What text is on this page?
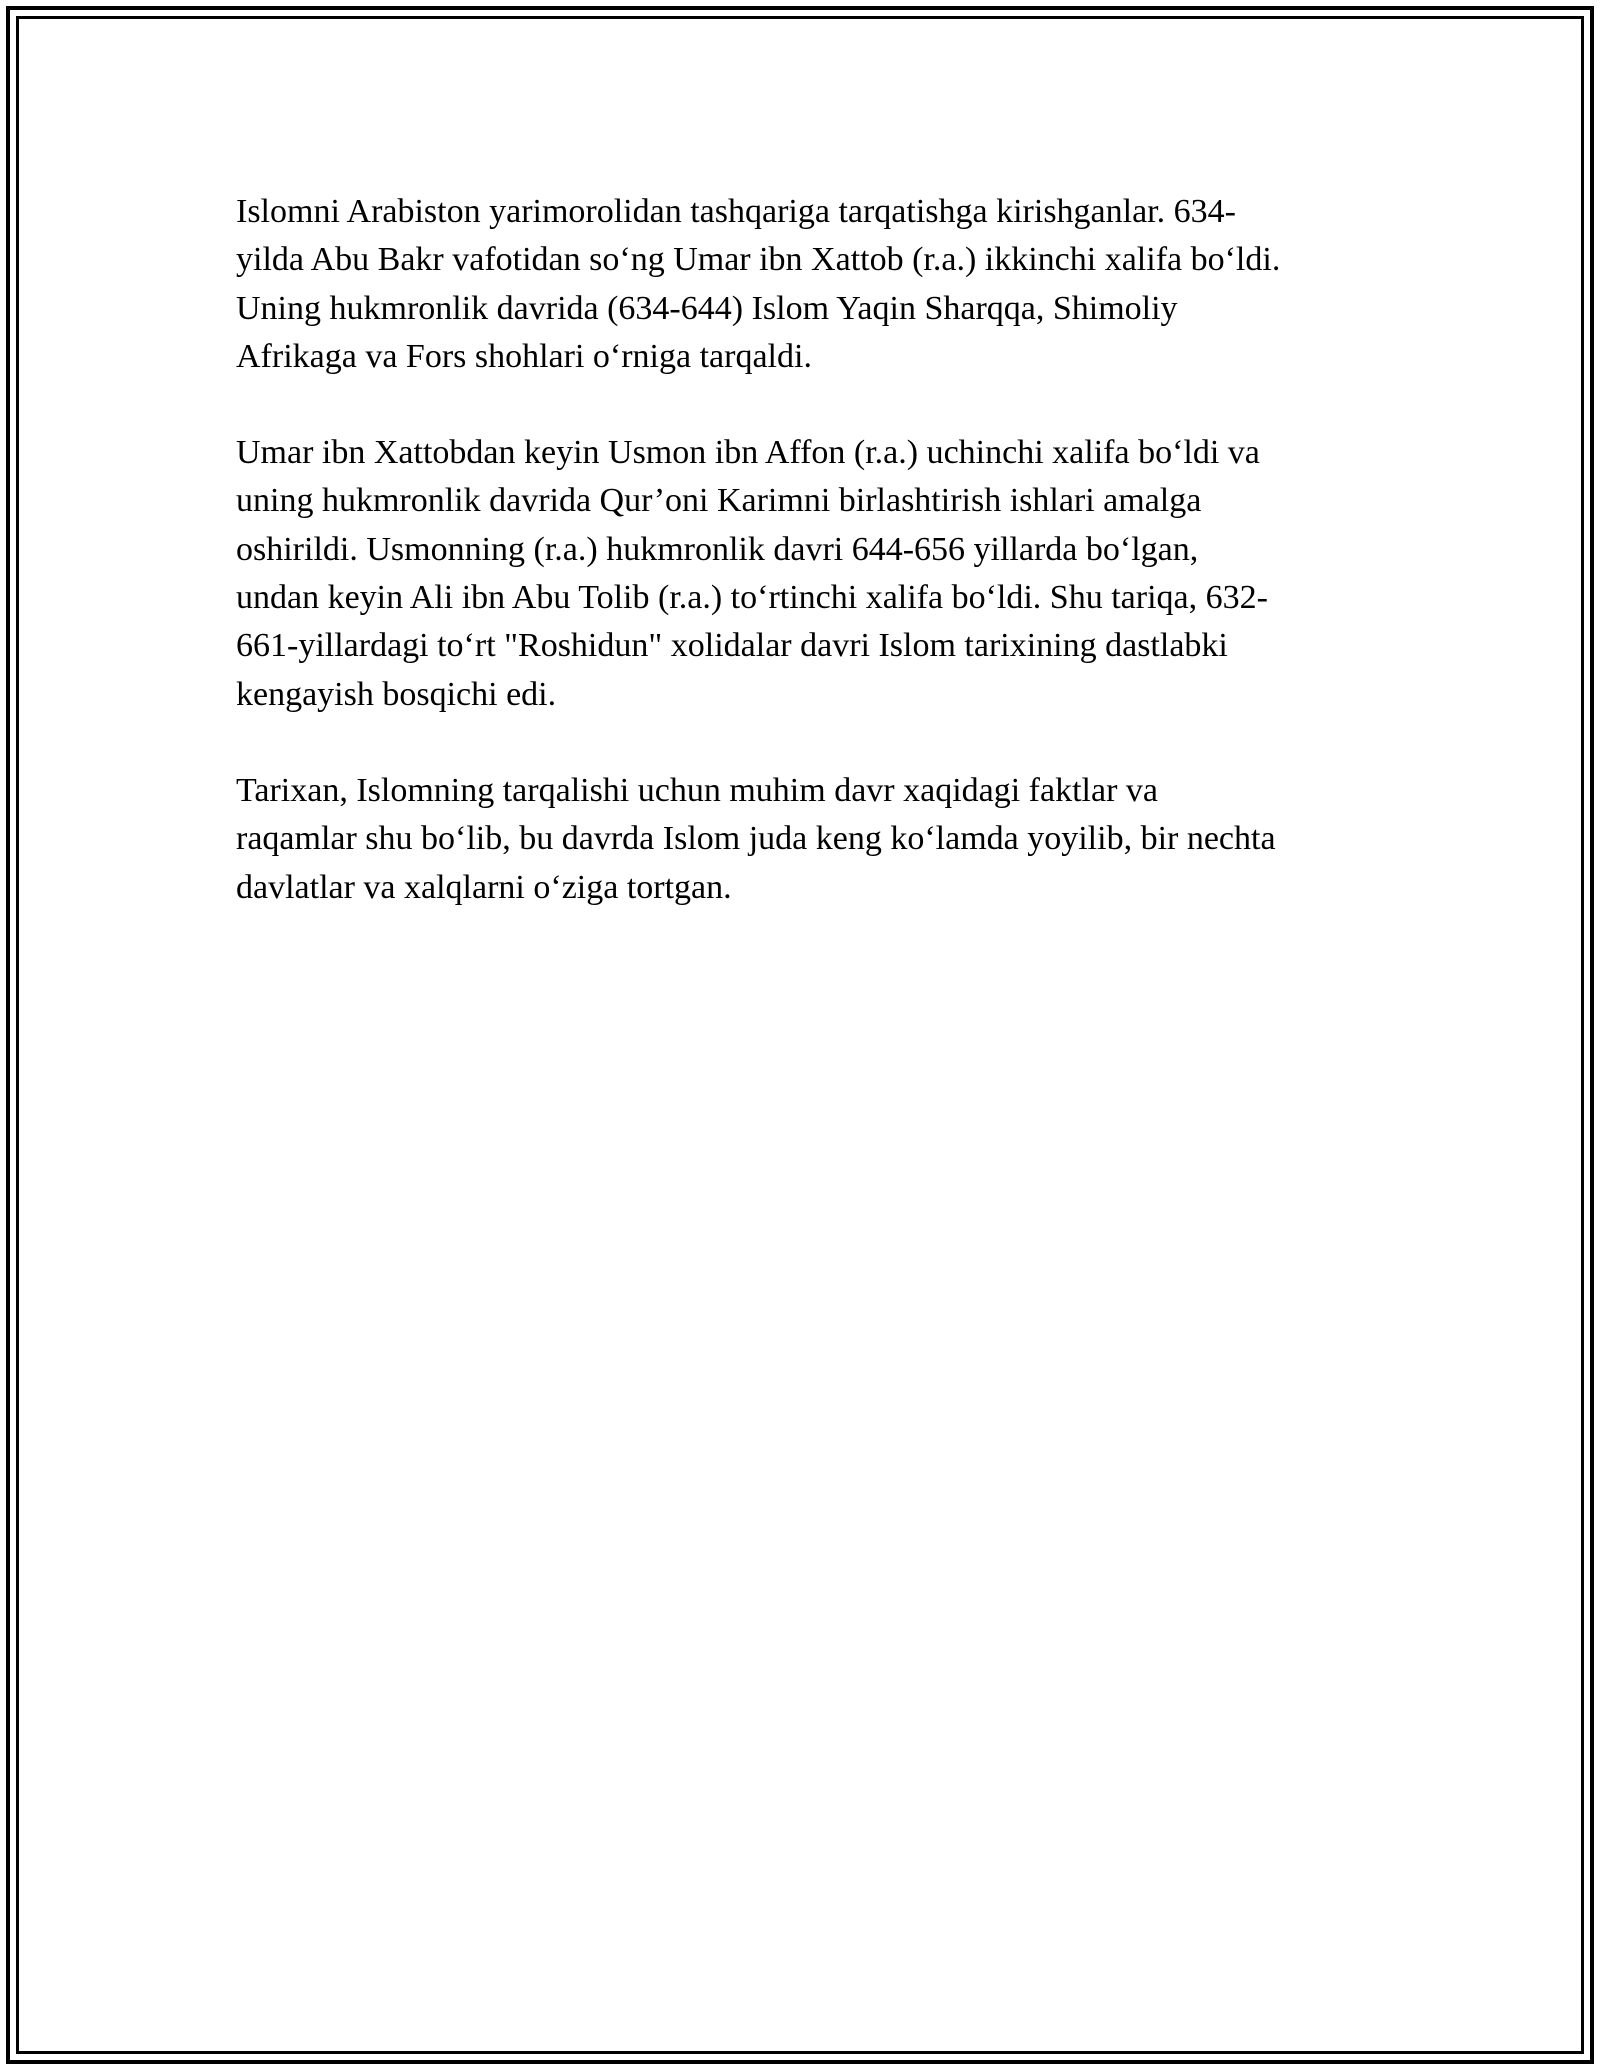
Islomni Arabiston yarimorolidan tashqariga tarqatishga kirishganlar. 634-
yilda Abu Bakr vafotidan so‘ng Umar ibn Xattob (r.a.) ikkinchi xalifa bo‘ldi.
Uning hukmronlik davrida (634-644) Islom Yaqin Sharqqa, Shimoliy
Afrikaga va Fors shohlari o‘rniga tarqaldi.

Umar ibn Xattobdan keyin Usmon ibn Affon (r.a.) uchinchi xalifa bo‘ldi va
uning hukmronlik davrida Qur’oni Karimni birlashtirish ishlari amalga
oshirildi. Usmonning (r.a.) hukmronlik davri 644-656 yillarda bo‘lgan,
undan keyin Ali ibn Abu Tolib (r.a.) to‘rtinchi xalifa bo‘ldi. Shu tariqa, 632-
661-yillardagi to‘rt "Roshidun" xolidalar davri Islom tarixining dastlabki
kengayish bosqichi edi.

Tarixan, Islomning tarqalishi uchun muhim davr xaqidagi faktlar va
raqamlar shu bo‘lib, bu davrda Islom juda keng ko‘lamda yoyilib, bir nechta
davlatlar va xalqlarni o‘ziga tortgan.
